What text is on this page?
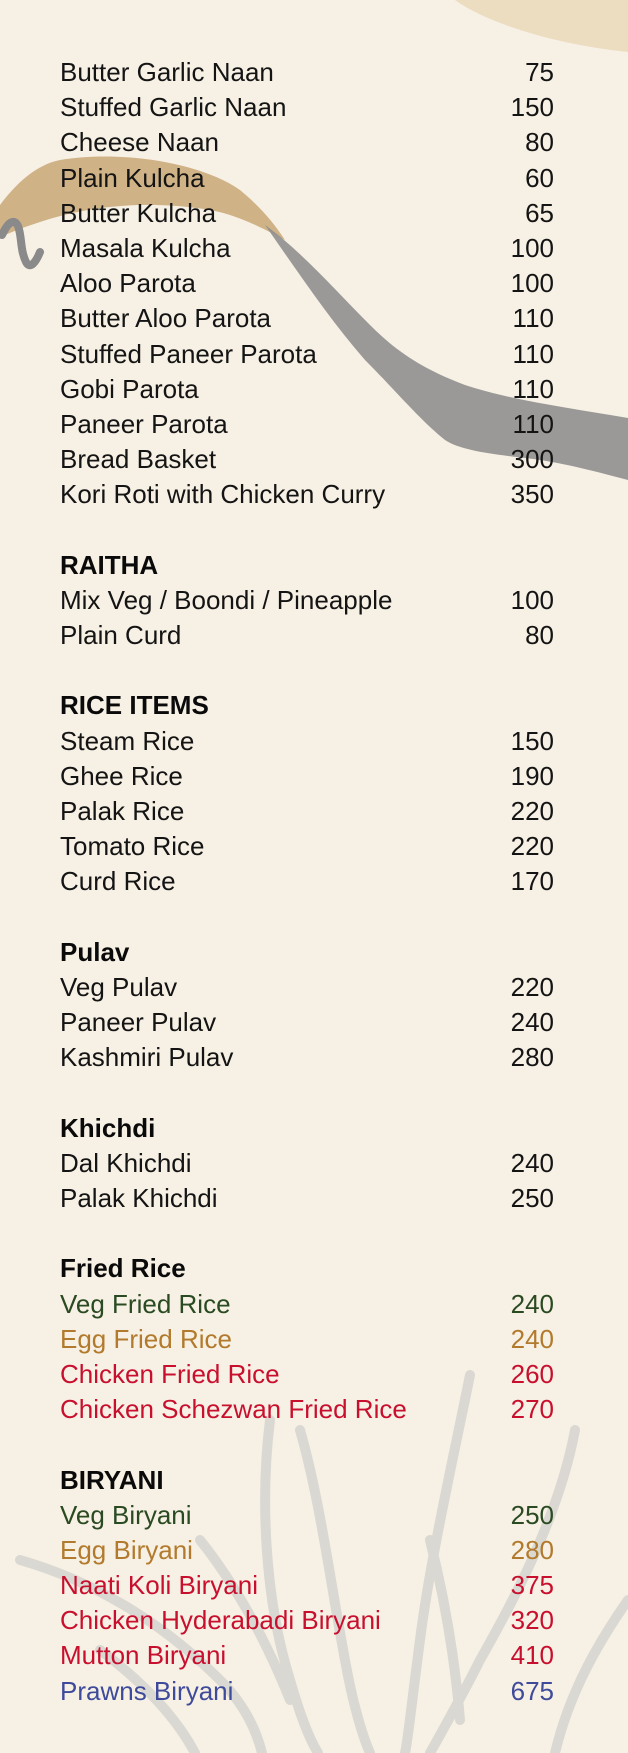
Butter Garlic Naan	75
Stuffed Garlic Naan	150
Cheese Naan	80
Plain Kulcha	60
Butter Kulcha	65
Masala Kulcha	100
Aloo Parota	100
Butter Aloo Parota	110
Stuffed Paneer Parota	110
Gobi Parota	110
Paneer Parota	110
Bread Basket	300
Kori Roti with Chicken Curry	350
RAITHA
Mix Veg / Boondi / Pineapple	100
Plain Curd	80
RICE ITEMS
Steam Rice	150
Ghee Rice	190
Palak Rice	220
Tomato Rice	220
Curd Rice	170
Pulav
Veg Pulav	220
Paneer Pulav	240
Kashmiri Pulav	280
Khichdi
Dal Khichdi	240
Palak Khichdi	250
Fried Rice
Veg Fried Rice	240
Egg Fried Rice	240
Chicken Fried Rice	260
Chicken Schezwan Fried Rice	270
BIRYANI
Veg Biryani	250
Egg Biryani	280
Naati Koli Biryani	375
Chicken Hyderabadi Biryani	320
Mutton Biryani	410
Prawns Biryani	675
